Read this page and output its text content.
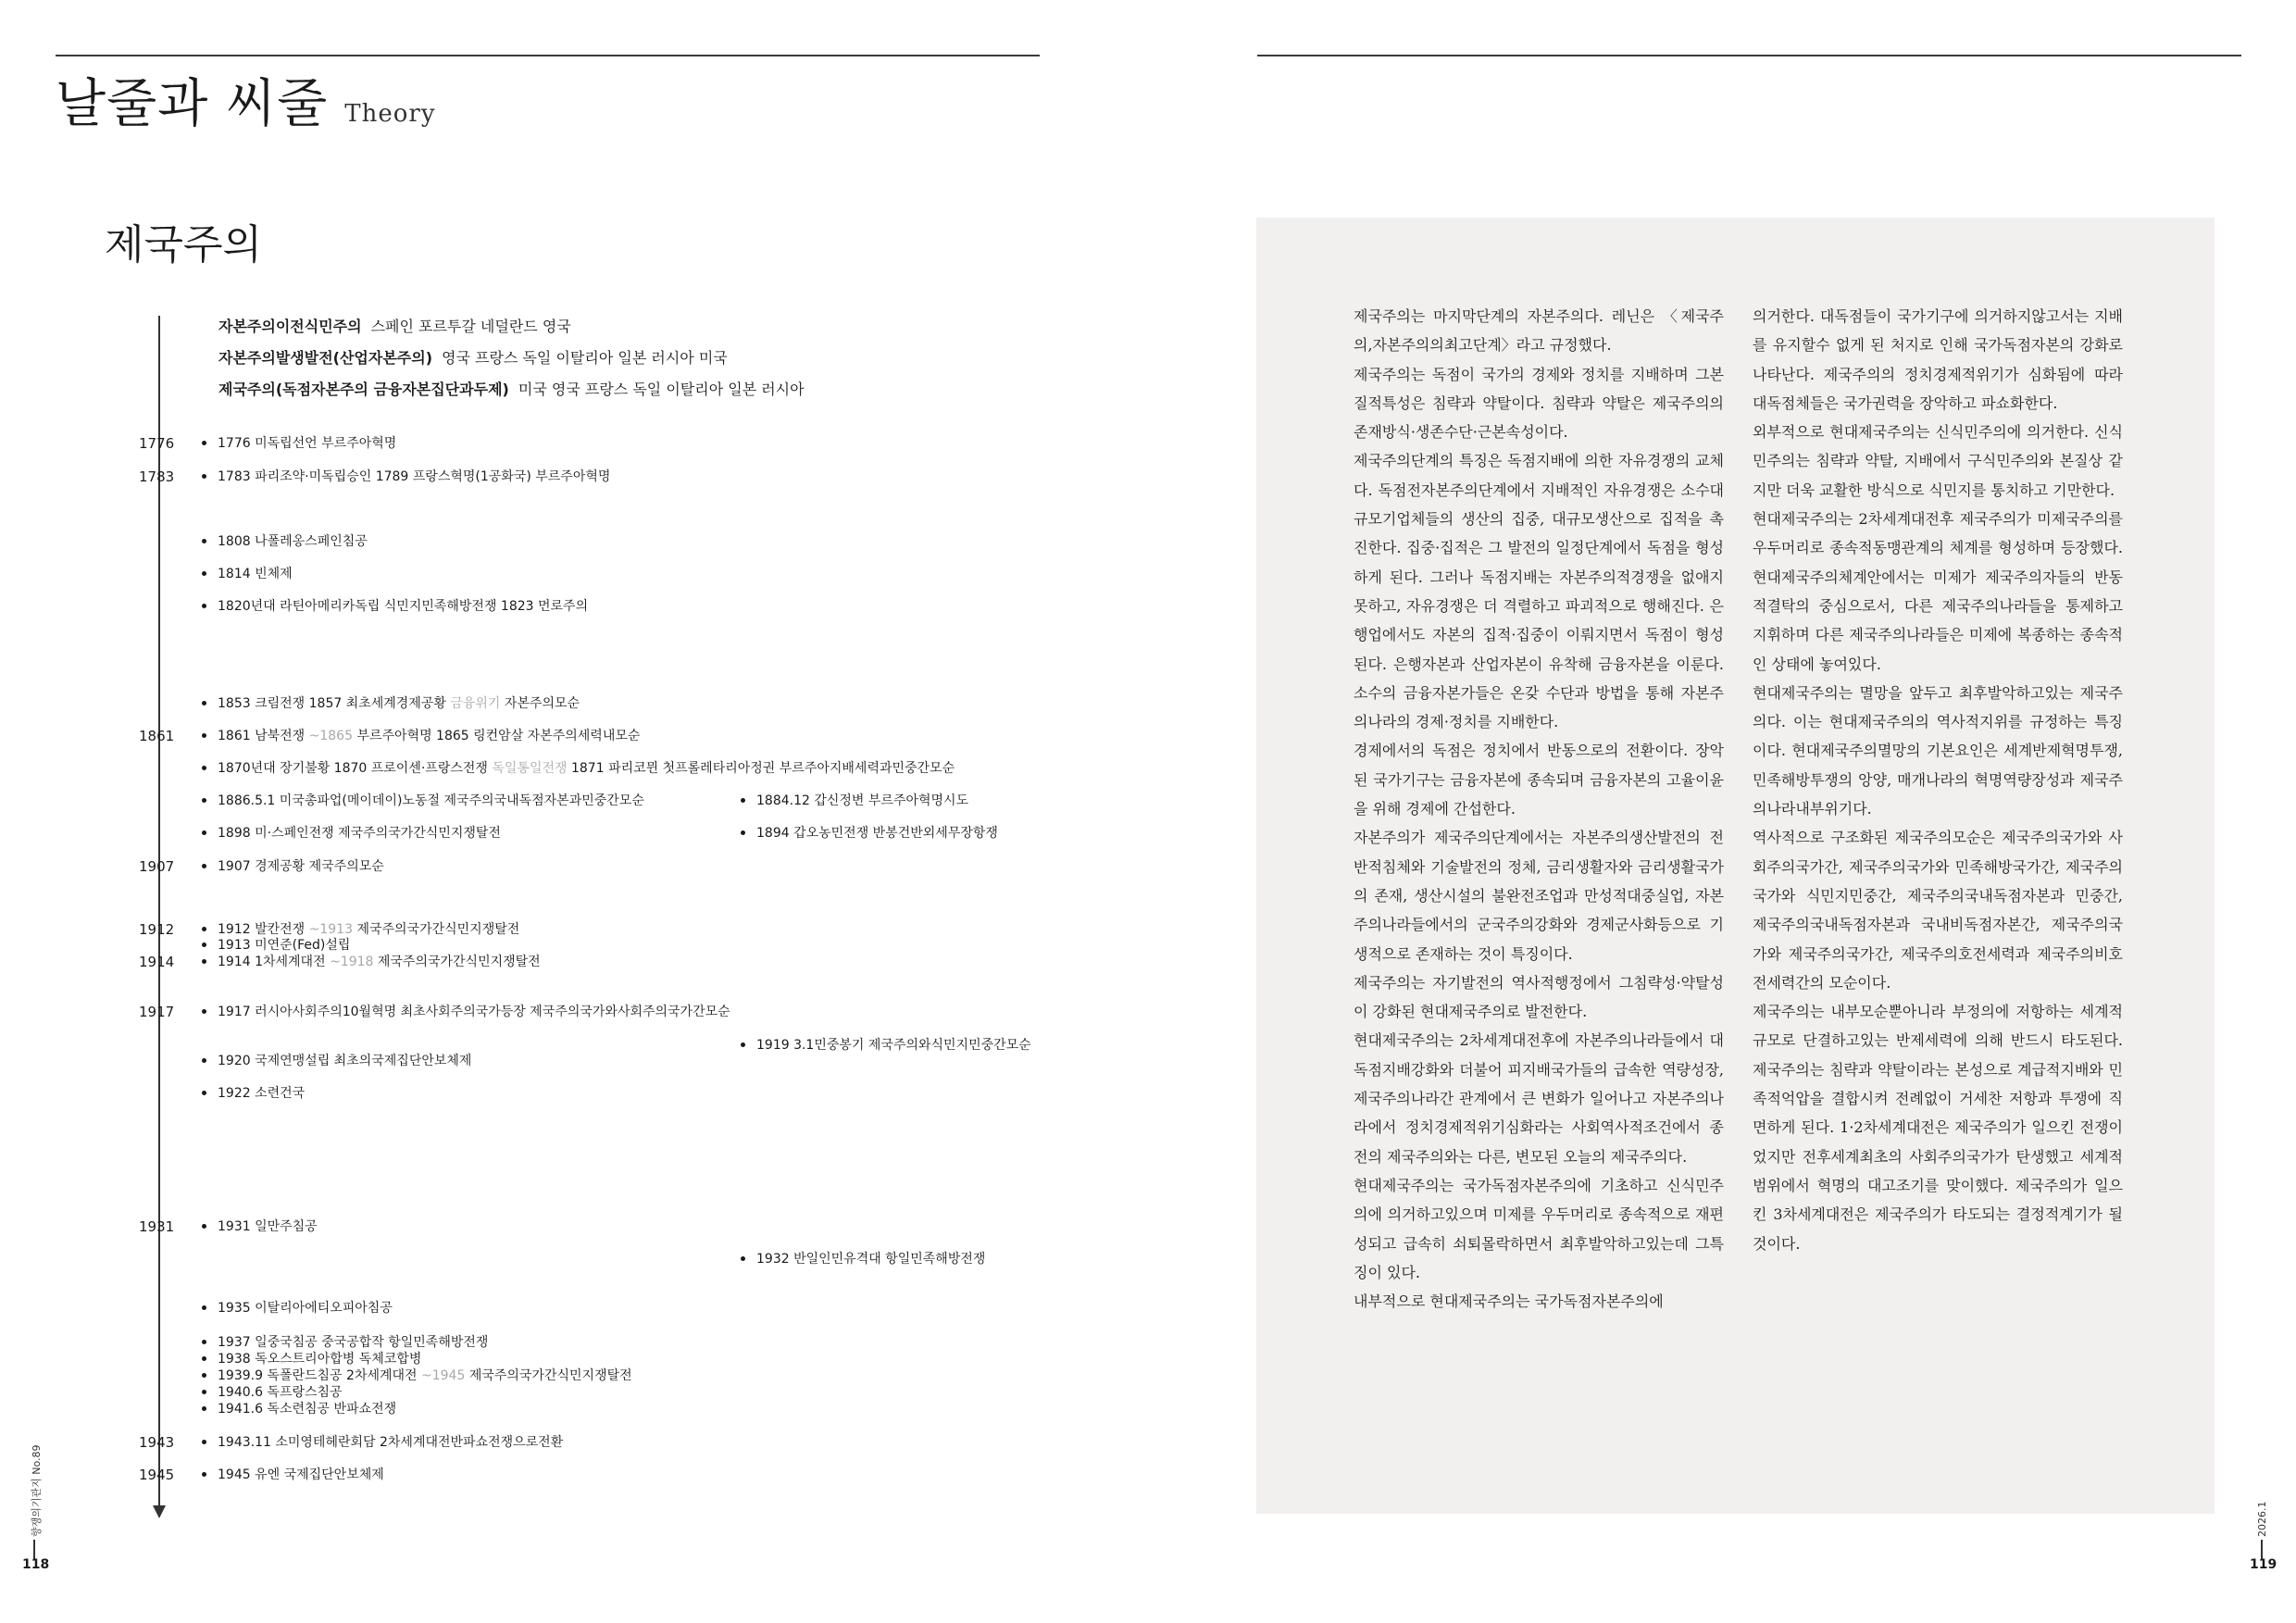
날줄과 씨줄 Theory
제국주의
자본주의이전식민주의 스페인 포르투갈 네덜란드 영국
자본주의발생발전(산업자본주의) 영국 프랑스 독일 이탈리아 일본 러시아 미국
제국주의(독점자본주의 금융자본집단과두제) 미국 영국 프랑스 독일 이탈리아 일본 러시아
1776
1783
1861
1907
1912
1914
1917
1931
1943
1945
1776 미독립선언 부르주아혁명
1783 파리조약·미독립승인 1789 프랑스혁명(1공화국) 부르주아혁명
1808 나폴레옹스페인침공
1814 빈체제
1820년대 라틴아메리카독립 식민지민족해방전쟁 1823 먼로주의
1853 크림전쟁 1857 최초세계경제공황 금융위기 자본주의모순
1861 남북전쟁 ~1865 부르주아혁명 1865 링컨암살 자본주의세력내모순
1870년대 장기불황 1870 프로이센·프랑스전쟁 독일통일전쟁 1871 파리코뮌 첫프롤레타리아정권 부르주아지배세력과민중간모순
1886.5.1 미국총파업(메이데이)노동절 제국주의국내독점자본과민중간모순
1898 미·스페인전쟁 제국주의국가간식민지쟁탈전
1907 경제공황 제국주의모순
1912 발칸전쟁 ~1913 제국주의국가간식민지쟁탈전
1913 미연준(Fed)설립
1914 1차세계대전 ~1918 제국주의국가간식민지쟁탈전
1917 러시아사회주의10월혁명 최초사회주의국가등장 제국주의국가와사회주의국가간모순
1920 국제연맹설립 최초의국제집단안보체제
1922 소련건국
1931 일만주침공
1935 이탈리아에티오피아침공
1937 일중국침공 중국공합작 항일민족해방전쟁
1938 독오스트리아합병 독체코합병
1939.9 독폴란드침공 2차세계대전 ~1945 제국주의국가간식민지쟁탈전
1940.6 독프랑스침공
1941.6 독소련침공 반파쇼전쟁
1943.11 소미영테헤란회담 2차세계대전반파쇼전쟁으로전환
1945 유엔 국제집단안보체제
1884.12 갑신정변 부르주아혁명시도
1894 갑오농민전쟁 반봉건반외세무장항쟁
1919 3.1민중봉기 제국주의와식민지민중간모순
1932 반일인민유격대 항일민족해방전쟁
제국주의는 마지막단계의 자본주의다. 레닌은 〈제국주의,자본주의의최고단계〉라고 규정했다.
제국주의는 독점이 국가의 경제와 정치를 지배하며 그본질적특성은 침략과 약탈이다. 침략과 약탈은 제국주의의 존재방식·생존수단·근본속성이다.
제국주의단계의 특징은 독점지배에 의한 자유경쟁의 교체다. 독점전자본주의단계에서 지배적인 자유경쟁은 소수대규모기업체들의 생산의 집중, 대규모생산으로 집적을 촉진한다. 집중·집적은 그 발전의 일정단계에서 독점을 형성하게 된다. 그러나 독점지배는 자본주의적경쟁을 없애지못하고, 자유경쟁은 더 격렬하고 파괴적으로 행해진다. 은행업에서도 자본의 집적·집중이 이뤄지면서 독점이 형성된다. 은행자본과 산업자본이 유착해 금융자본을 이룬다. 소수의 금융자본가들은 온갖 수단과 방법을 통해 자본주의나라의 경제·정치를 지배한다.
경제에서의 독점은 정치에서 반동으로의 전환이다. 장악된 국가기구는 금융자본에 종속되며 금융자본의 고율이윤을 위해 경제에 간섭한다.
자본주의가 제국주의단계에서는 자본주의생산발전의 전반적침체와 기술발전의 정체, 금리생활자와 금리생활국가의 존재, 생산시설의 불완전조업과 만성적대중실업, 자본주의나라들에서의 군국주의강화와 경제군사화등으로 기생적으로 존재하는 것이 특징이다.
제국주의는 자기발전의 역사적행정에서 그침략성·약탈성이 강화된 현대제국주의로 발전한다.
현대제국주의는 2차세계대전후에 자본주의나라들에서 대독점지배강화와 더불어 피지배국가들의 급속한 역량성장, 제국주의나라간 관계에서 큰 변화가 일어나고 자본주의나라에서 정치경제적위기심화라는 사회역사적조건에서 종전의 제국주의와는 다른, 변모된 오늘의 제국주의다.
현대제국주의는 국가독점자본주의에 기초하고 신식민주의에 의거하고있으며 미제를 우두머리로 종속적으로 재편성되고 급속히 쇠퇴몰락하면서 최후발악하고있는데 그특징이 있다.
내부적으로 현대제국주의는 국가독점자본주의에
의거한다. 대독점들이 국가기구에 의거하지않고서는 지배를 유지할수 없게 된 처지로 인해 국가독점자본의 강화로 나타난다. 제국주의의 정치경제적위기가 심화됨에 따라 대독점체들은 국가권력을 장악하고 파쇼화한다.
외부적으로 현대제국주의는 신식민주의에 의거한다. 신식민주의는 침략과 약탈, 지배에서 구식민주의와 본질상 같지만 더욱 교활한 방식으로 식민지를 통치하고 기만한다.
현대제국주의는 2차세계대전후 제국주의가 미제국주의를 우두머리로 종속적동맹관계의 체계를 형성하며 등장했다. 현대제국주의체계안에서는 미제가 제국주의자들의 반동적결탁의 중심으로서, 다른 제국주의나라들을 통제하고 지휘하며 다른 제국주의나라들은 미제에 복종하는 종속적인 상태에 놓여있다.
현대제국주의는 멸망을 앞두고 최후발악하고있는 제국주의다. 이는 현대제국주의의 역사적지위를 규정하는 특징이다. 현대제국주의멸망의 기본요인은 세계반제혁명투쟁, 민족해방투쟁의 앙양, 매개나라의 혁명역량장성과 제국주의나라내부위기다.
역사적으로 구조화된 제국주의모순은 제국주의국가와 사회주의국가간, 제국주의국가와 민족해방국가간, 제국주의국가와 식민지민중간, 제국주의국내독점자본과 민중간, 제국주의국내독점자본과 국내비독점자본간, 제국주의국가와 제국주의국가간, 제국주의호전세력과 제국주의비호전세력간의 모순이다.
제국주의는 내부모순뿐아니라 부정의에 저항하는 세계적규모로 단결하고있는 반제세력에 의해 반드시 타도된다. 제국주의는 침략과 약탈이라는 본성으로 계급적지배와 민족적억압을 결합시켜 전례없이 거세찬 저항과 투쟁에 직면하게 된다. 1·2차세계대전은 제국주의가 일으킨 전쟁이었지만 전후세계최초의 사회주의국가가 탄생했고 세계적범위에서 혁명의 대고조기를 맞이했다. 제국주의가 일으킨 3차세계대전은 제국주의가 타도되는 결정적계기가 될것이다.
향쟁의기관지 No.89
118
2026.1
119
